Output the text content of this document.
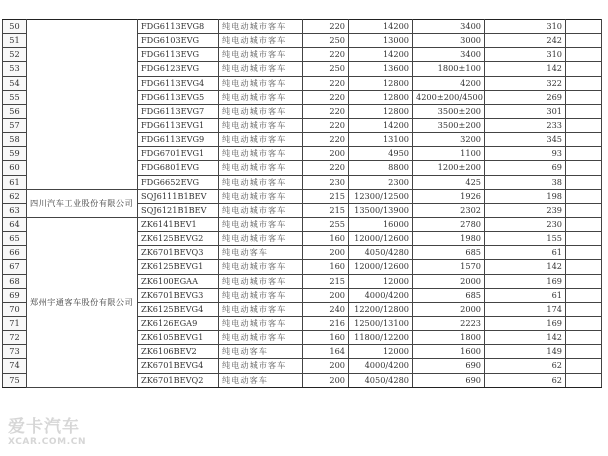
50		FDG6113EVG8	纯电动城市客车	220	14200	3400	310	
51		FDG6103EVG	纯电动城市客车	250	13000	3000	242	
52		FDG6113EVG	纯电动城市客车	220	14200	3400	310	
53		FDG6123EVG	纯电动城市客车	250	13600	1800±100	142	
54		FDG6113EVG4	纯电动城市客车	220	12800	4200	322	
55		FDG6113EVG5	纯电动城市客车	220	12800	4200±200/4500	269	
56		FDG6113EVG7	纯电动城市客车	220	12800	3500±200	301	
57		FDG6113EVG1	纯电动城市客车	220	14200	3500±200	233	
58		FDG6113EVG9	纯电动城市客车	220	13100	3200	345	
59		FDG6701EVG1	纯电动城市客车	200	4950	1100	93	
60		FDG6801EVG	纯电动城市客车	220	8800	1200±200	69	
61		FDG6652EVG	纯电动城市客车	230	2300	425	38	
62	四川汽车工业股份有限公司	SQJ6111B1BEV	纯电动城市客车	215	12300/12500	1926	198	
63		SQJ6121B1BEV	纯电动城市客车	215	13500/13900	2302	239	
64	郑州宇通客车股份有限公司	ZK6141BEV1	纯电动城市客车	255	16000	2780	230	
65		ZK6125BEVG2	纯电动城市客车	160	12000/12600	1980	155	
66		ZK6701BEVQ3	纯电动客车	200	4050/4280	685	61	
67		ZK6125BEVG1	纯电动城市客车	160	12000/12600	1570	142	
68		ZK6100EGAA	纯电动城市客车	215	12000	2000	169	
69		ZK6701BEVG3	纯电动城市客车	200	4000/4200	685	61	
70		ZK6125BEVG4	纯电动城市客车	240	12200/12800	2000	174	
71		ZK6126EGA9	纯电动城市客车	216	12500/13100	2223	169	
72		ZK6105BEVG1	纯电动城市客车	160	11800/12200	1800	142	
73		ZK6106BEV2	纯电动客车	164	12000	1600	149	
74		ZK6701BEVG4	纯电动城市客车	200	4000/4200	690	62	
75		ZK6701BEVQ2	纯电动客车	200	4050/4280	690	62	
爱卡汽车
XCAR.COM.CN
